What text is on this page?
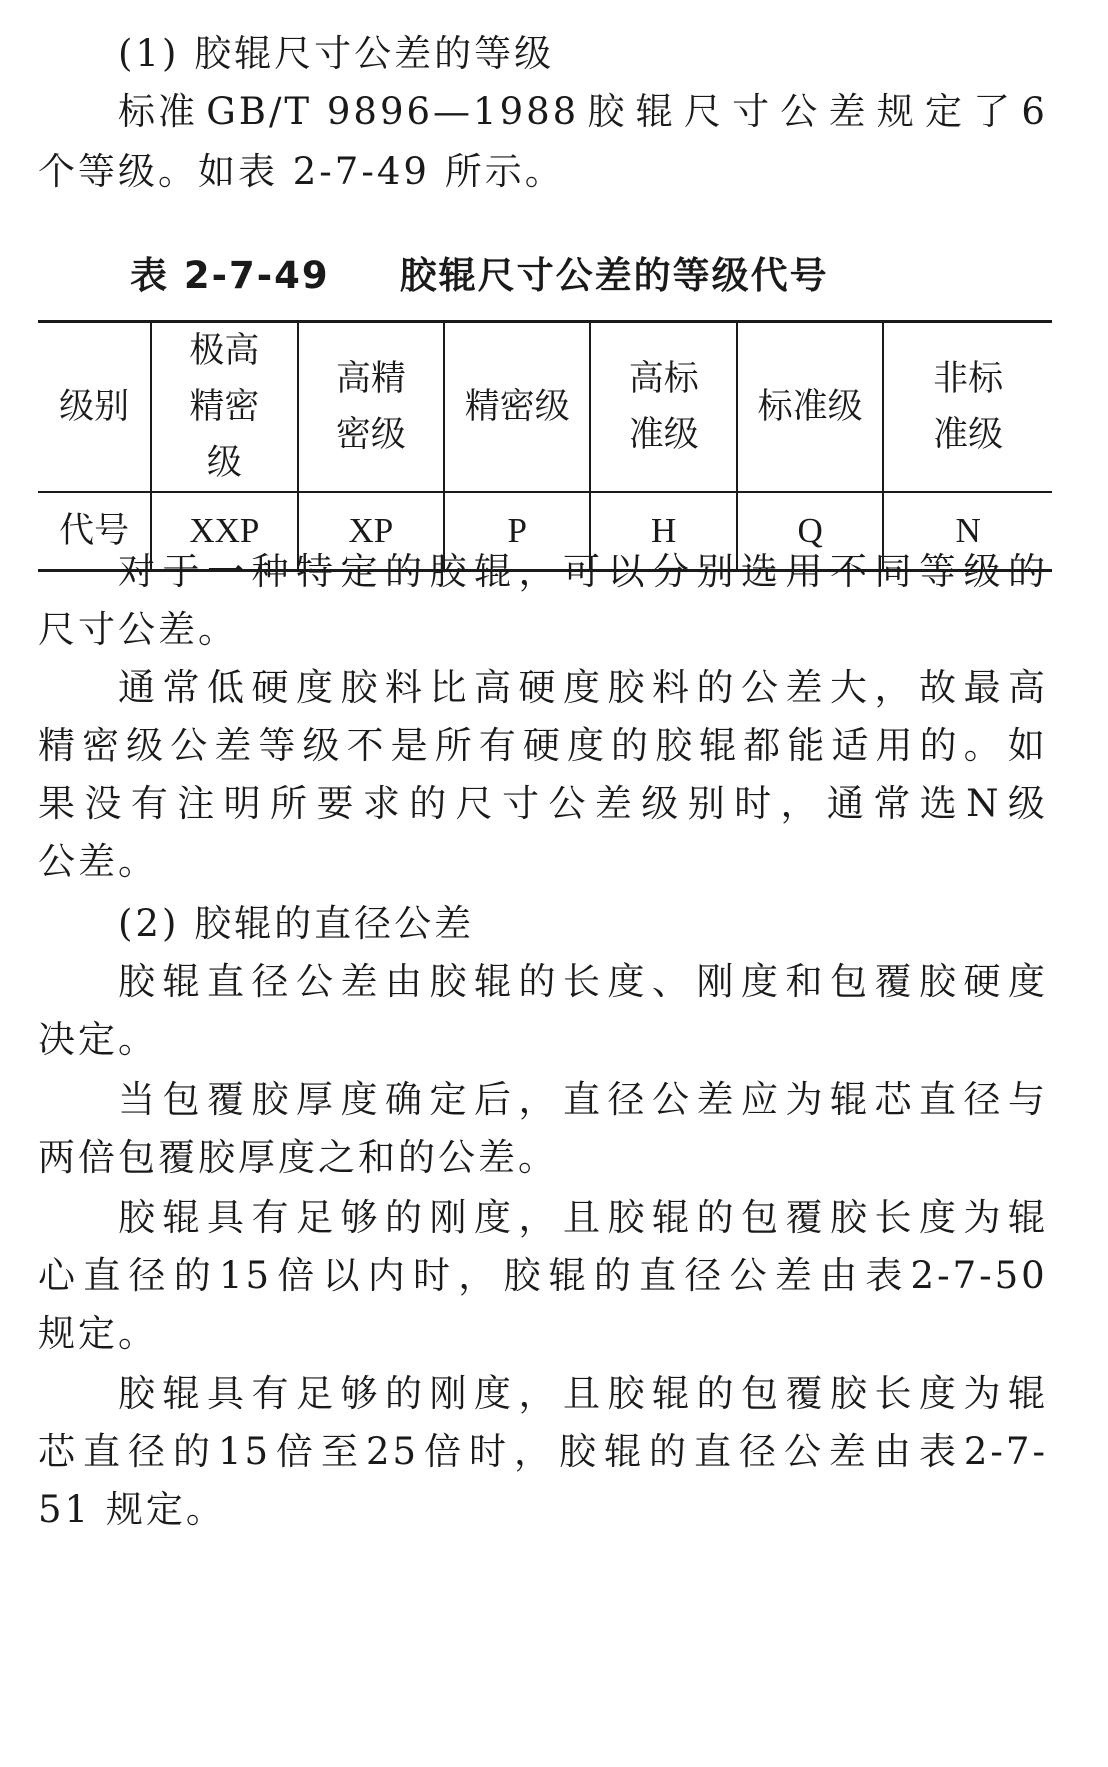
(1) 胶辊尺寸公差的等级
标准 GB/T 9896—1988 胶 辊 尺 寸 公 差 规 定 了 6
个等级。如表 2-7-49 所示。
表 2-7-49 胶辊尺寸公差的等级代号
级别	极高精密级	高精密级	精密级	高标准级	标准级	非标准级
代号	XXP	XP	P	H	Q	N
对 于 一 种 特 定 的 胶 辊 ， 可 以 分 别 选 用 不 同 等 级 的
尺寸公差。
通 常 低 硬 度 胶 料 比 高 硬 度 胶 料 的 公 差 大 ， 故 最 高
精 密 级 公 差 等 级 不 是 所 有 硬 度 的 胶 辊 都 能 适 用 的 。 如
果 没 有 注 明 所 要 求 的 尺 寸 公 差 级 别 时 ， 通 常 选 N 级
公差。
(2) 胶辊的直径公差
胶 辊 直 径 公 差 由 胶 辊 的 长 度 、 刚 度 和 包 覆 胶 硬 度
决定。
当 包 覆 胶 厚 度 确 定 后 ， 直 径 公 差 应 为 辊 芯 直 径 与
两倍包覆胶厚度之和的公差。
胶 辊 具 有 足 够 的 刚 度 ， 且 胶 辊 的 包 覆 胶 长 度 为 辊
心 直 径 的 15 倍 以 内 时 ， 胶 辊 的 直 径 公 差 由 表 2-7-50
规定。
胶 辊 具 有 足 够 的 刚 度 ， 且 胶 辊 的 包 覆 胶 长 度 为 辊
芯 直 径 的 15 倍 至 25 倍 时 ， 胶 辊 的 直 径 公 差 由 表 2-7-
51 规定。
